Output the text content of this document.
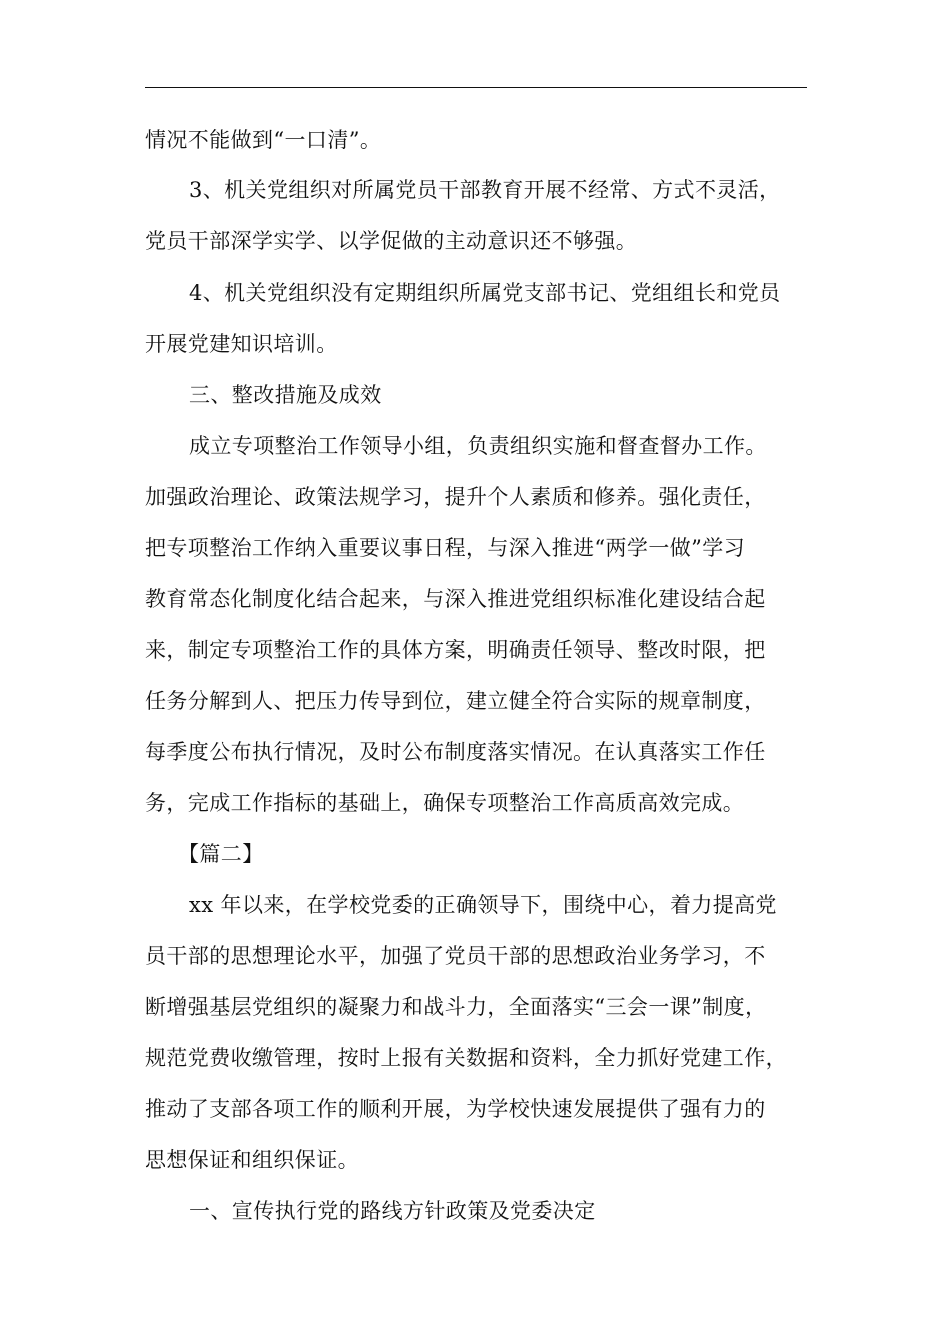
情况不能做到“一口清”。
3、机关党组织对所属党员干部教育开展不经常、方式不灵活，
党员干部深学实学、以学促做的主动意识还不够强。
4、机关党组织没有定期组织所属党支部书记、党组组长和党员
开展党建知识培训。
三、整改措施及成效
成立专项整治工作领导小组，负责组织实施和督查督办工作。
加强政治理论、政策法规学习，提升个人素质和修养。强化责任，
把专项整治工作纳入重要议事日程，与深入推进“两学一做”学习
教育常态化制度化结合起来，与深入推进党组织标准化建设结合起
来，制定专项整治工作的具体方案，明确责任领导、整改时限，把
任务分解到人、把压力传导到位，建立健全符合实际的规章制度，
每季度公布执行情况，及时公布制度落实情况。在认真落实工作任
务，完成工作指标的基础上，确保专项整治工作高质高效完成。
【篇二】
xx 年以来，在学校党委的正确领导下，围绕中心，着力提高党
员干部的思想理论水平，加强了党员干部的思想政治业务学习，不
断增强基层党组织的凝聚力和战斗力，全面落实“三会一课”制度，
规范党费收缴管理，按时上报有关数据和资料，全力抓好党建工作，
推动了支部各项工作的顺利开展，为学校快速发展提供了强有力的
思想保证和组织保证。
一、宣传执行党的路线方针政策及党委决定
